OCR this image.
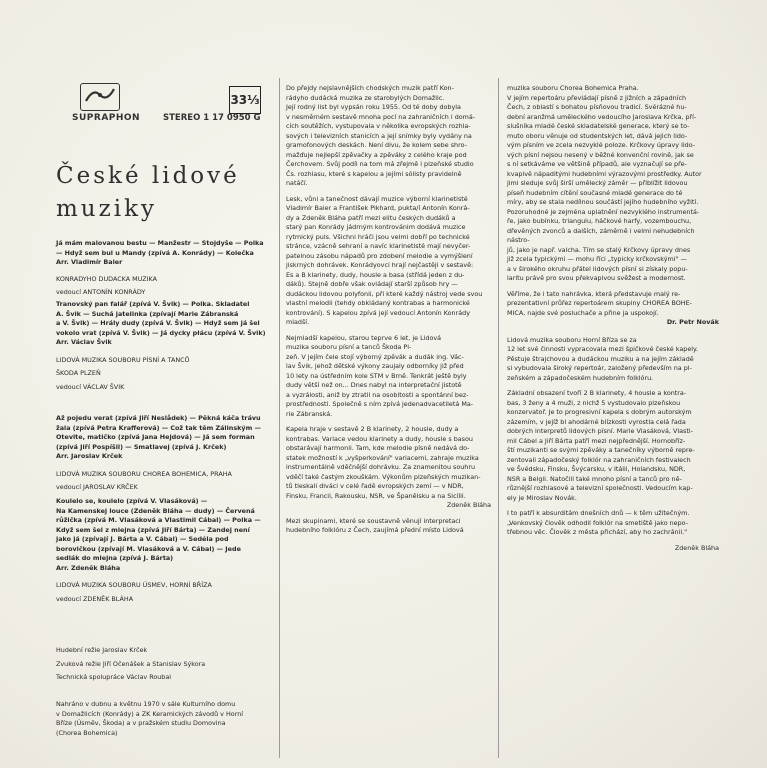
SUPRAPHON
33⅓
STEREO 1 17 0950 G
České lidové
muziky
Já mám malovanou bestu — Manžestr — Stojdyše — Polka
— Hdyž sem bul u Mandy (zpívá A. Konrády) — Kolečka
Arr. Vladimír Baier
KONRADYHO DUDACKA MUZIKA
vedoucí ANTONÍN KONRÁDY
Tranovský pan falář (zpívá V. Švik) — Polka. Skladatel
A. Švik — Suchá jatelinka (zpívají Marie Zábranská
a V. Švik) — Hrály dudy (zpívá V. Švik) — Hdyž sem já šel
vokolo vrat (zpívá V. Švik) — Já dycky płácu (zpívá V. Švik)
Arr. Václav Švik
LIDOVÁ MUZIKA SOUBORU PÍSNÍ A TANCŮ
ŠKODA PLZEŇ
vedoucí VÁCLAV ŠVIK
Až pojedu verat (zpívá Jiří Neslådek) — Pěkná káča trávu
žala (zpívá Petra Krafferová) — Což tak těm Zálinským —
Otevite, matičko (zpívá Jana Hejdová) — Já sem forman
(zpívá Jiří Pospíšil) — Smatlavej (zpívá J. Krček)
Arr. Jaroslav Krček
LIDOVÁ MUZIKA SOUBORU CHOREA BOHEMICA, PRAHA
vedoucí JAROSLAV KRČEK
Koulelo se, koulelo (zpívá V. Vlasáková) —
Na Kamenskej louce (Zdeněk Bláha — dudy) — Červená
růžička (zpívá M. Vlasáková a Vlastimil Cábal) — Polka —
Když sem šel z mlejna (zpívá Jiří Bárta) — Zandej není
jako já (zpívají J. Bárta a V. Cábal) — Sedéla pod
borovičkou (zpívají M. Vlasáková a V. Cábal) — Jede
sedlák do mlejna (zpívá J. Bárta)
Arr. Zdeněk Bláha
LIDOVÁ MUZIKA SOUBORU ÚSMEV, HORNÍ BŘÍZA
vedoucí ZDENĚK BLÁHA
Hudební režie Jaroslav Krček
Zvuková režie Jiří Očenášek a Stanislav Sýkora
Technická spolupráce Václav Roubal
Nahráno v dubnu a květnu 1970 v sále Kulturního domu
v Domažlicích (Konrády) a ZK Keramických závodů v Horní
Bříze (Úsměv, Škoda) a v pražském studiu Domovina
(Chorea Bohemica)
Do přejdy nejslavnějších chodských muzik patří Kon-
rádyho dudácká muzika ze starobylých Domažlic.
Její rodný list byl vypsán roku 1955. Od té doby dobyla
v nesměrném sestavě mnoha pocí na zahraničních i domá-
cích soutěžích, vystupovala v několika evropských rozhla-
sových i televizních stanicích a její snímky byly vydány na
gramofonových deskách. Není divu, že kolem sebe shro-
mažďuje nejlepší zpěvačky a zpěváky z celého kraje pod
Čerchovem. Svůj podíl na tom má zřejmě i plzeňské studio
Čs. rozhlasu, které s kapelou a jejími sólisty pravidelně
natáčí.
Lesk, vůni a tanečnost dávají muzice výborní klarinetisté
Vladimír Baier a František Pikhard, pukta/í Antonín Konrá-
dy a Zdeněk Bláha patří mezi elitu českých dudáků a
starý pan Konrády jádrným kontrovánim dodává muzice
rytmický puls. Všichni hráči jsou velmi dobří po technické
stránce, vzácně sehraní a navíc klarinetisté mají nevyčer-
patelnou zásobu nápadů pro zdobení melodie a vymýšlení
jiskrných dohrávek. Konrádyovci hrají nejčastěji v sestavě:
Es a B klarinety, dudy, housle a basa (střídá jeden z du-
dáků). Stejně dobře však ovládají starší způsob hry —
dudáckou lidovou polyfonii, při které každý nástroj vede svou
vlastní melodii (tehdy obkládaný kontrabas a harmonické
kontrování). S kapelou zpívá její vedoucí Antonín Konrády
mladší.
Nejmladší kapelou, starou teprve 6 let, je Lidová
muzika souboru písní a tanců Škoda Pl-
zeň. V jejím čele stojí výborný zpěvák a dudák ing. Vác-
lav Švik, jehož dětské výkony zaujaly odborníky již před
10 lety na ústředním kole STM v Brně. Tenkrát ještě byly
dudy větší než on... Dnes nabyl na interpretační jistotě
a vyzrálosti, aniž by ztratil na osobitosti a spontánní bez-
prostřednosti. Společně s ním zpívá jedenadvacetiletá Ma-
rie Zábranská.
Kapela hraje v sestavě 2 B klarinety, 2 housle, dudy a
kontrabas. Variace vedou klarinety a dudy, housle s basou
obstarávají harmonii. Tam, kde melodie písně nedává do-
statek možností k „vyšperkování" variacemi, zahraje muzika
instrumentálně vděčnější dohrávku. Za znamenitou souhru
vděčí také častým zkouškám. Výkonům plzeňských muzikan-
tů tleskali diváci v celé řadě evropských zemí — v NDR,
Finsku, Francii, Rakousku, NSR, ve Španělsku a na Sicílii.
Zdeněk Bláha
Mezi skupinami, které se soustavně věnují interpretaci
hudebního folklóru z Čech, zaujímá přední místo Lidová
muzika souboru Chorea Bohemica Praha.
V jejím repertoáru převládají písně z jižních a západních
Čech, z oblastí s bohatou písňovou tradicí. Svérázné hu-
dební aranžmá uměleckého vedoucího Jaroslava Krčka, pří-
slušníka mladé české skladatelské generace, který se to-
muto oboru věnuje od studentských let, dává jejich lido-
vým písním ve zcela nezvyklé poloze. Krčkovy úpravy lido-
vých písní nejsou nesený v běžné konvenční rovině, jak se
s ní setkáváme ve většině případů, ale vyznačují se pře-
kvapivě nápaditými hudebními výrazovými prostředky. Autor
jimi sleduje svůj širší umělecký záměr — přiblížit lidovou
píseň hudebním cítění současné mladé generace do té
míry, aby se stala nedílnou součástí jejího hudebního vyžití.
Pozoruhodné je zejména uplatnění nezvyklého instrumentá-
ře, jako bubínku, triangulu, háčkové harfy, vozembouchu,
dřevěných zvonců a dalších, záměrně i velmi nehudebních nástro-
jů, jako je např. valcha. Tím se stalý Krčkovy úpravy dnes
již zcela typickými — mohu říci „typicky krčkovskými" —
a v širokého okruhu přátel lidových písní si získaly popu-
laritu právě pro svou překvapivou svěžest a modernost.
Věříme, že i tato nahrávka, která představuje malý re-
prezentativní průřez repertoárem skupiny CHOREA BOHE-
MICA, najde své posluchače a přine ja uspokojí.
Dr. Petr Novák
Lidová muzika souboru Horní Bříza se za
12 let své činnosti vypracovala mezi špičkové české kapely.
Pěstuje štrajchovou a dudáckou muziku a na jejím základě
si vybudovala široký repertoár, založený především na pl-
zeňském a západočeském hudebním folklóru.
Základní obsazení tvoří 2 B klarinety, 4 housle a kontra-
bas, 3 ženy a 4 muži, z nichž 5 vystudovalo plzeňskou
konzervatoř. Je to progresivní kapela s dobrým autorským
zázemím, v jejíž bl ahodárné blízkosti vyrostla celá řada
dobrých interpretů lidových písní. Marie Vlasáková, Vlasti-
mil Cábel a Jiří Bárta patří mezi nejpřednější. Hornobříz-
ští muzikanti se svými zpěváky a tanečníky výborně repre-
zentovali západočeský folklór na zahraničních festivalech
ve Švédsku, Finsku, Švýcarsku, v Itálii, Holandsku, NDR,
NSR a Belgii. Natočili také mnoho písní a tanců pro ně-
různější rozhlasové a televizní společnosti. Vedoucím kap-
ely je Miroslav Novák.
I to patří k absurditám dnešních dnů — k těm užitečným.
„Venkovský člověk odhodil folklór na smetiště jako nepo-
třebnou věc. Člověk z města přichází, aby ho zachránil."
Zdeněk Bláha
